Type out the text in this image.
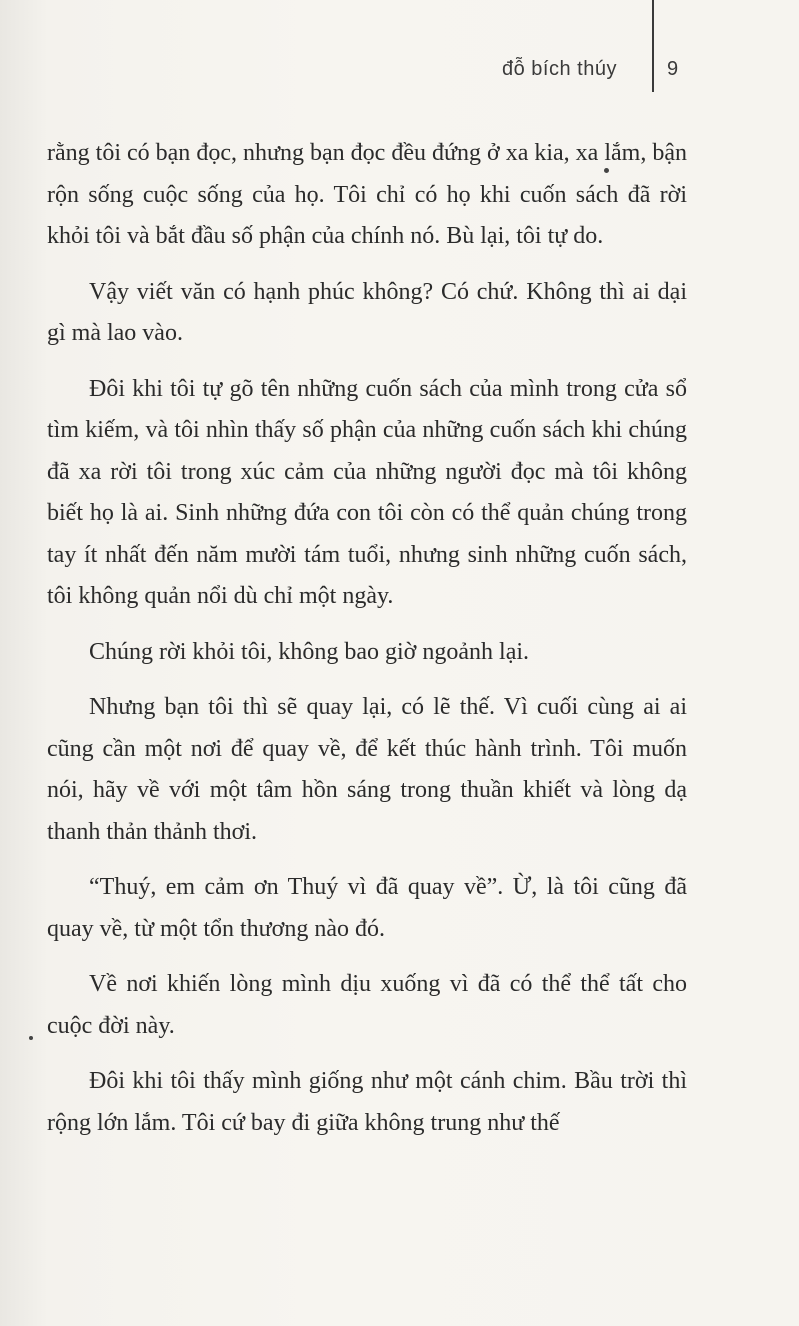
đỗ bích thúy	9

rằng tôi có bạn đọc, nhưng bạn đọc đều đứng ở xa kia, xa lắm, bận rộn sống cuộc sống của họ. Tôi chỉ có họ khi cuốn sách đã rời khỏi tôi và bắt đầu số phận của chính nó. Bù lại, tôi tự do.

Vậy viết văn có hạnh phúc không? Có chứ. Không thì ai dại gì mà lao vào.

Đôi khi tôi tự gõ tên những cuốn sách của mình trong cửa sổ tìm kiếm, và tôi nhìn thấy số phận của những cuốn sách khi chúng đã xa rời tôi trong xúc cảm của những người đọc mà tôi không biết họ là ai. Sinh những đứa con tôi còn có thể quản chúng trong tay ít nhất đến năm mười tám tuổi, nhưng sinh những cuốn sách, tôi không quản nổi dù chỉ một ngày.

Chúng rời khỏi tôi, không bao giờ ngoảnh lại.

Nhưng bạn tôi thì sẽ quay lại, có lẽ thế. Vì cuối cùng ai ai cũng cần một nơi để quay về, để kết thúc hành trình. Tôi muốn nói, hãy về với một tâm hồn sáng trong thuần khiết và lòng dạ thanh thản thảnh thơi.

“Thuý, em cảm ơn Thuý vì đã quay về”. Ừ, là tôi cũng đã quay về, từ một tổn thương nào đó.

Về nơi khiến lòng mình dịu xuống vì đã có thể thể tất cho cuộc đời này.

Đôi khi tôi thấy mình giống như một cánh chim. Bầu trời thì rộng lớn lắm. Tôi cứ bay đi giữa không trung như thế
